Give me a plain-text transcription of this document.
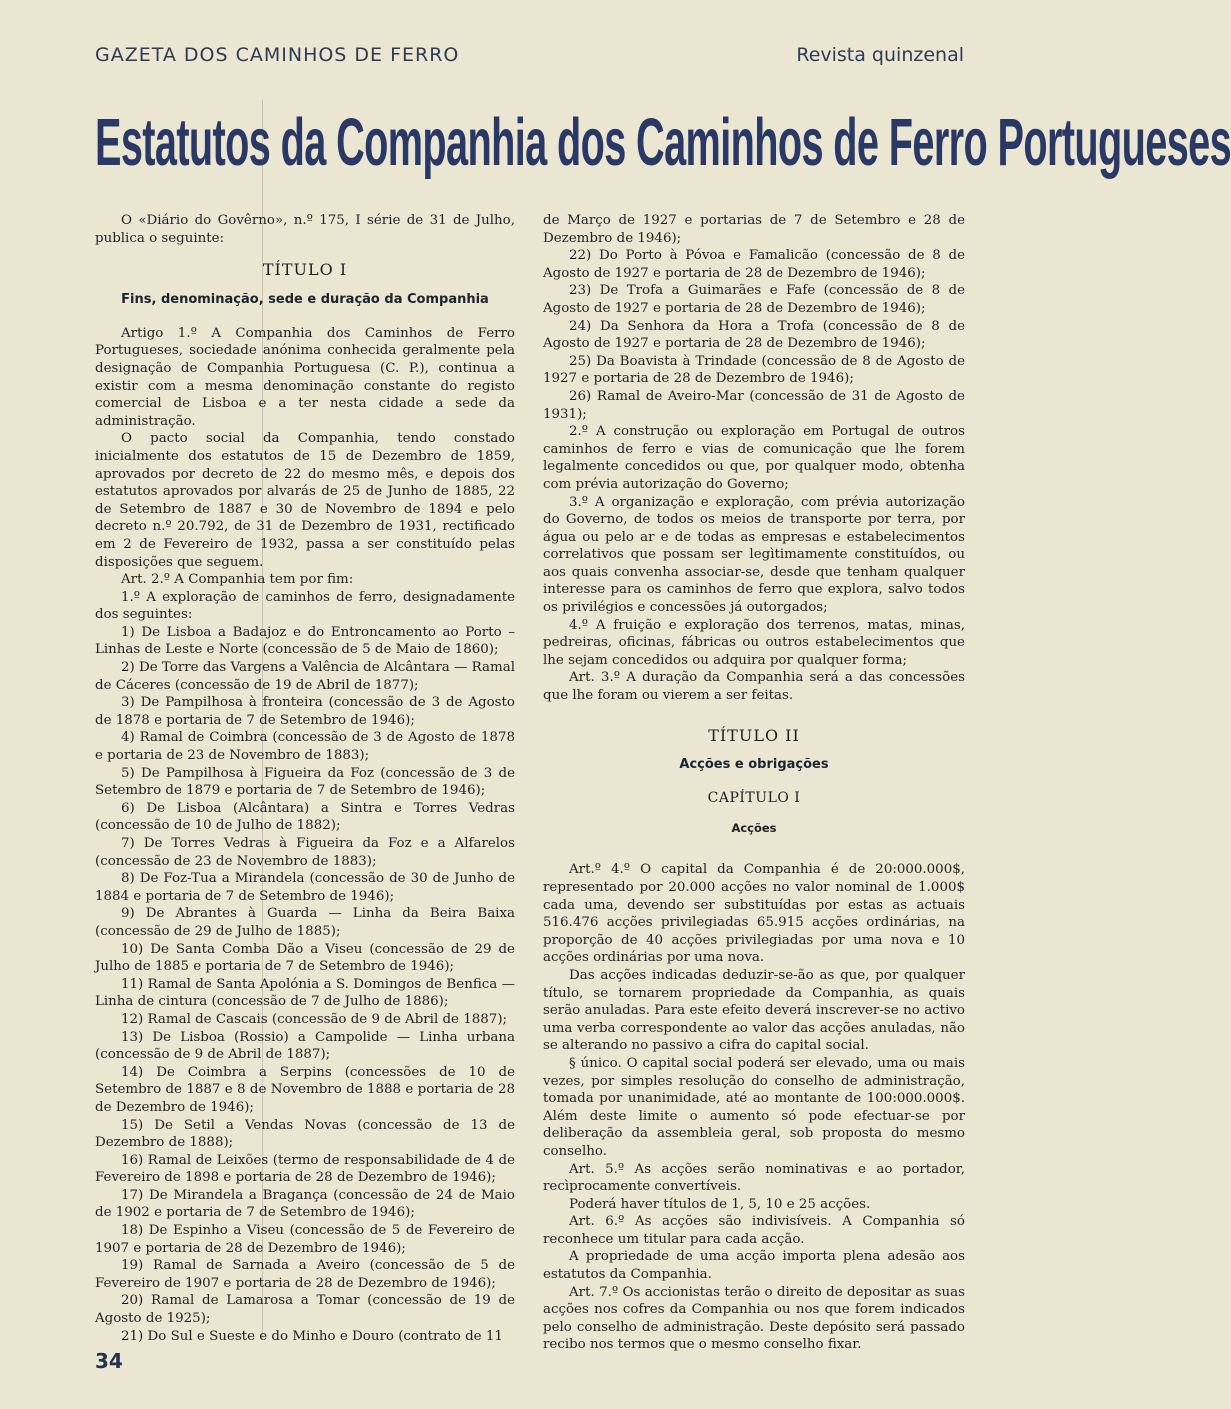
GAZETA DOS CAMINHOS DE FERRO	Revista quinzenal
Estatutos da Companhia dos Caminhos de Ferro Portugueses

O «Diário do Govêrno», n.º 175, I série de 31 de Julho, publica o seguinte:

TÍTULO I
Fins, denominação, sede e duração da Companhia

Artigo 1.º A Companhia dos Caminhos de Ferro Portugueses, sociedade anónima conhecida geralmente pela designação de Companhia Portuguesa (C. P.), continua a existir com a mesma denominação constante do registo comercial de Lisboa e a ter nesta cidade a sede da administração.

O pacto social da Companhia, tendo constado inicialmente dos estatutos de 15 de Dezembro de 1859, aprovados por decreto de 22 do mesmo mês, e depois dos estatutos aprovados por alvarás de 25 de Junho de 1885, 22 de Setembro de 1887 e 30 de Novembro de 1894 e pelo decreto n.º 20.792, de 31 de Dezembro de 1931, rectificado em 2 de Fevereiro de 1932, passa a ser constituído pelas disposições que seguem.

Art. 2.º A Companhia tem por fim:

1.º A exploração de caminhos de ferro, designadamente dos seguintes:

1) De Lisboa a Badajoz e do Entroncamento ao Porto – Linhas de Leste e Norte (concessão de 5 de Maio de 1860);

2) De Torre das Vargens a Valência de Alcântara — Ramal de Cáceres (concessão de 19 de Abril de 1877);

3) De Pampilhosa à fronteira (concessão de 3 de Agosto de 1878 e portaria de 7 de Setembro de 1946);

4) Ramal de Coimbra (concessão de 3 de Agosto de 1878 e portaria de 23 de Novembro de 1883);

5) De Pampilhosa à Figueira da Foz (concessão de 3 de Setembro de 1879 e portaria de 7 de Setembro de 1946);

6) De Lisboa (Alcântara) a Sintra e Torres Vedras (concessão de 10 de Julho de 1882);

7) De Torres Vedras à Figueira da Foz e a Alfarelos (concessão de 23 de Novembro de 1883);

8) De Foz-Tua a Mirandela (concessão de 30 de Junho de 1884 e portaria de 7 de Setembro de 1946);

9) De Abrantes à Guarda — Linha da Beira Baixa (concessão de 29 de Julho de 1885);

10) De Santa Comba Dão a Viseu (concessão de 29 de Julho de 1885 e portaria de 7 de Setembro de 1946);

11) Ramal de Santa Apolónia a S. Domingos de Benfica — Linha de cintura (concessão de 7 de Julho de 1886);

12) Ramal de Cascais (concessão de 9 de Abril de 1887);

13) De Lisboa (Rossio) a Campolide — Linha urbana (concessão de 9 de Abril de 1887);

14) De Coimbra a Serpins (concessões de 10 de Setembro de 1887 e 8 de Novembro de 1888 e portaria de 28 de Dezembro de 1946);

15) De Setil a Vendas Novas (concessão de 13 de Dezembro de 1888);

16) Ramal de Leixões (termo de responsabilidade de 4 de Fevereiro de 1898 e portaria de 28 de Dezembro de 1946);

17) De Mirandela a Bragança (concessão de 24 de Maio de 1902 e portaria de 7 de Setembro de 1946);

18) De Espinho a Viseu (concessão de 5 de Fevereiro de 1907 e portaria de 28 de Dezembro de 1946);

19) Ramal de Sarnada a Aveiro (concessão de 5 de Fevereiro de 1907 e portaria de 28 de Dezembro de 1946);

20) Ramal de Lamarosa a Tomar (concessão de 19 de Agosto de 1925);

21) Do Sul e Sueste e do Minho e Douro (contrato de 11

de Março de 1927 e portarias de 7 de Setembro e 28 de Dezembro de 1946);

22) Do Porto à Póvoa e Famalicão (concessão de 8 de Agosto de 1927 e portaria de 28 de Dezembro de 1946);

23) De Trofa a Guimarães e Fafe (concessão de 8 de Agosto de 1927 e portaria de 28 de Dezembro de 1946);

24) Da Senhora da Hora a Trofa (concessão de 8 de Agosto de 1927 e portaria de 28 de Dezembro de 1946);

25) Da Boavista à Trindade (concessão de 8 de Agosto de 1927 e portaria de 28 de Dezembro de 1946);

26) Ramal de Aveiro-Mar (concessão de 31 de Agosto de 1931);

2.º A construção ou exploração em Portugal de outros caminhos de ferro e vias de comunicação que lhe forem legalmente concedidos ou que, por qualquer modo, obtenha com prévia autorização do Governo;

3.º A organização e exploração, com prévia autorização do Governo, de todos os meios de transporte por terra, por água ou pelo ar e de todas as empresas e estabelecimentos correlativos que possam ser legìtimamente constituídos, ou aos quais convenha associar-se, desde que tenham qualquer interesse para os caminhos de ferro que explora, salvo todos os privilégios e concessões já outorgados;

4.º A fruição e exploração dos terrenos, matas, minas, pedreiras, oficinas, fábricas ou outros estabelecimentos que lhe sejam concedidos ou adquira por qualquer forma;

Art. 3.º A duração da Companhia será a das concessões que lhe foram ou vierem a ser feitas.

TÍTULO II
Acções e obrigações
CAPÍTULO I
Acções

Art.º 4.º O capital da Companhia é de 20:000.000$, representado por 20.000 acções no valor nominal de 1.000$ cada uma, devendo ser substituídas por estas as actuais 516.476 acções privilegiadas 65.915 acções ordinárias, na proporção de 40 acções privilegiadas por uma nova e 10 acções ordinárias por uma nova.

Das acções indicadas deduzir-se-ão as que, por qualquer título, se tornarem propriedade da Companhia, as quais serão anuladas. Para este efeito deverá inscrever-se no activo uma verba correspondente ao valor das acções anuladas, não se alterando no passivo a cifra do capital social.

§ único. O capital social poderá ser elevado, uma ou mais vezes, por simples resolução do conselho de administração, tomada por unanimidade, até ao montante de 100:000.000$. Além deste limite o aumento só pode efectuar-se por deliberação da assembleia geral, sob proposta do mesmo conselho.

Art. 5.º As acções serão nominativas e ao portador, recìprocamente convertíveis.

Poderá haver títulos de 1, 5, 10 e 25 acções.

Art. 6.º As acções são indivisíveis. A Companhia só reconhece um titular para cada acção.

A propriedade de uma acção importa plena adesão aos estatutos da Companhia.

Art. 7.º Os accionistas terão o direito de depositar as suas acções nos cofres da Companhia ou nos que forem indicados pelo conselho de administração. Deste depósito será passado recibo nos termos que o mesmo conselho fixar.

34
